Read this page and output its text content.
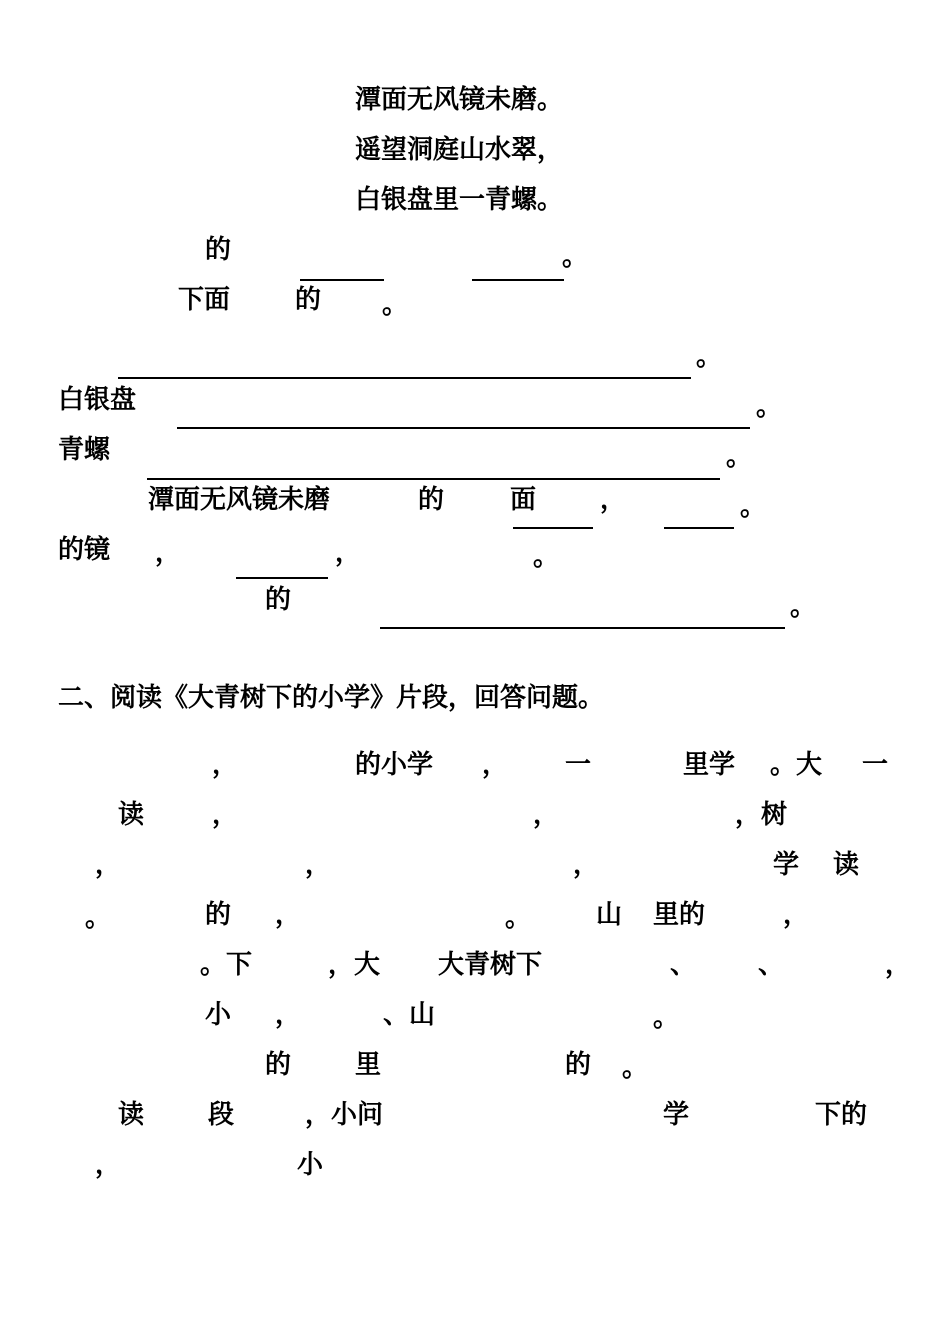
潭面无风镜未磨。
遥望洞庭山水翠，
白银盘里一青螺。
的	。
下面 的 。
。
白银盘	。
青螺	。
潭面无风镜未磨	的	面 ，	。
的镜 ，	，	。
的	。
二、阅读《大青树下的小学》片段，回答问题。
，	的小学 ， 一	里学 。大 一
读	，	，	，树
，	，	，	学 读
。	的 ，	。 山 里的	，
。下	，大 大青树下	、 、	，
小 ，	、山	。
的 里	的 。
读 段	，小问	学	下的
，	小
